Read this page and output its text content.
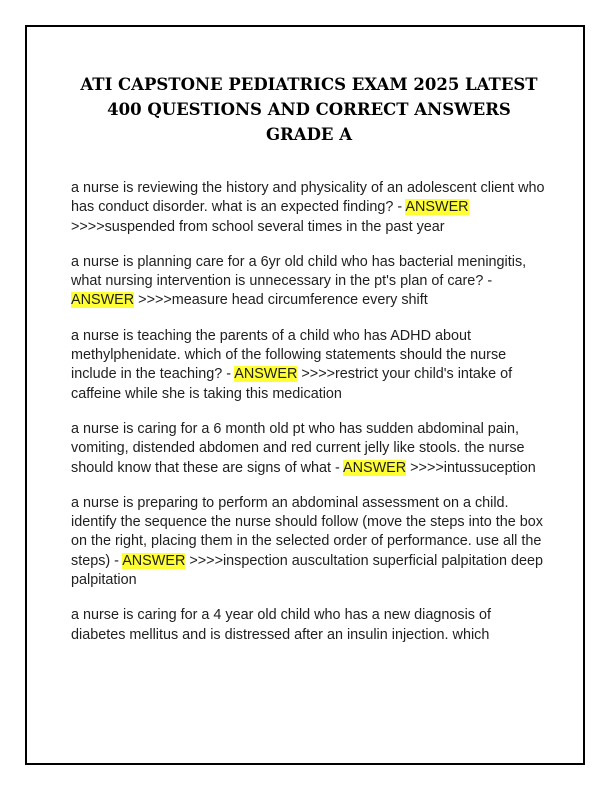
ATI CAPSTONE PEDIATRICS EXAM 2025 LATEST
400 QUESTIONS AND CORRECT ANSWERS
GRADE A

a nurse is reviewing the history and physicality of an adolescent client who has conduct disorder. what is an expected finding? - ANSWER >>>>suspended from school several times in the past year

a nurse is planning care for a 6yr old child who has bacterial meningitis, what nursing intervention is unnecessary in the pt's plan of care? - ANSWER >>>>measure head circumference every shift

a nurse is teaching the parents of a child who has ADHD about methylphenidate. which of the following statements should the nurse include in the teaching? - ANSWER >>>>restrict your child's intake of caffeine while she is taking this medication

a nurse is caring for a 6 month old pt who has sudden abdominal pain, vomiting, distended abdomen and red current jelly like stools. the nurse should know that these are signs of what - ANSWER >>>>intussuception

a nurse is preparing to perform an abdominal assessment on a child. identify the sequence the nurse should follow (move the steps into the box on the right, placing them in the selected order of performance. use all the steps) - ANSWER >>>>inspection auscultation superficial palpitation deep palpitation

a nurse is caring for a 4 year old child who has a new diagnosis of diabetes mellitus and is distressed after an insulin injection. which
